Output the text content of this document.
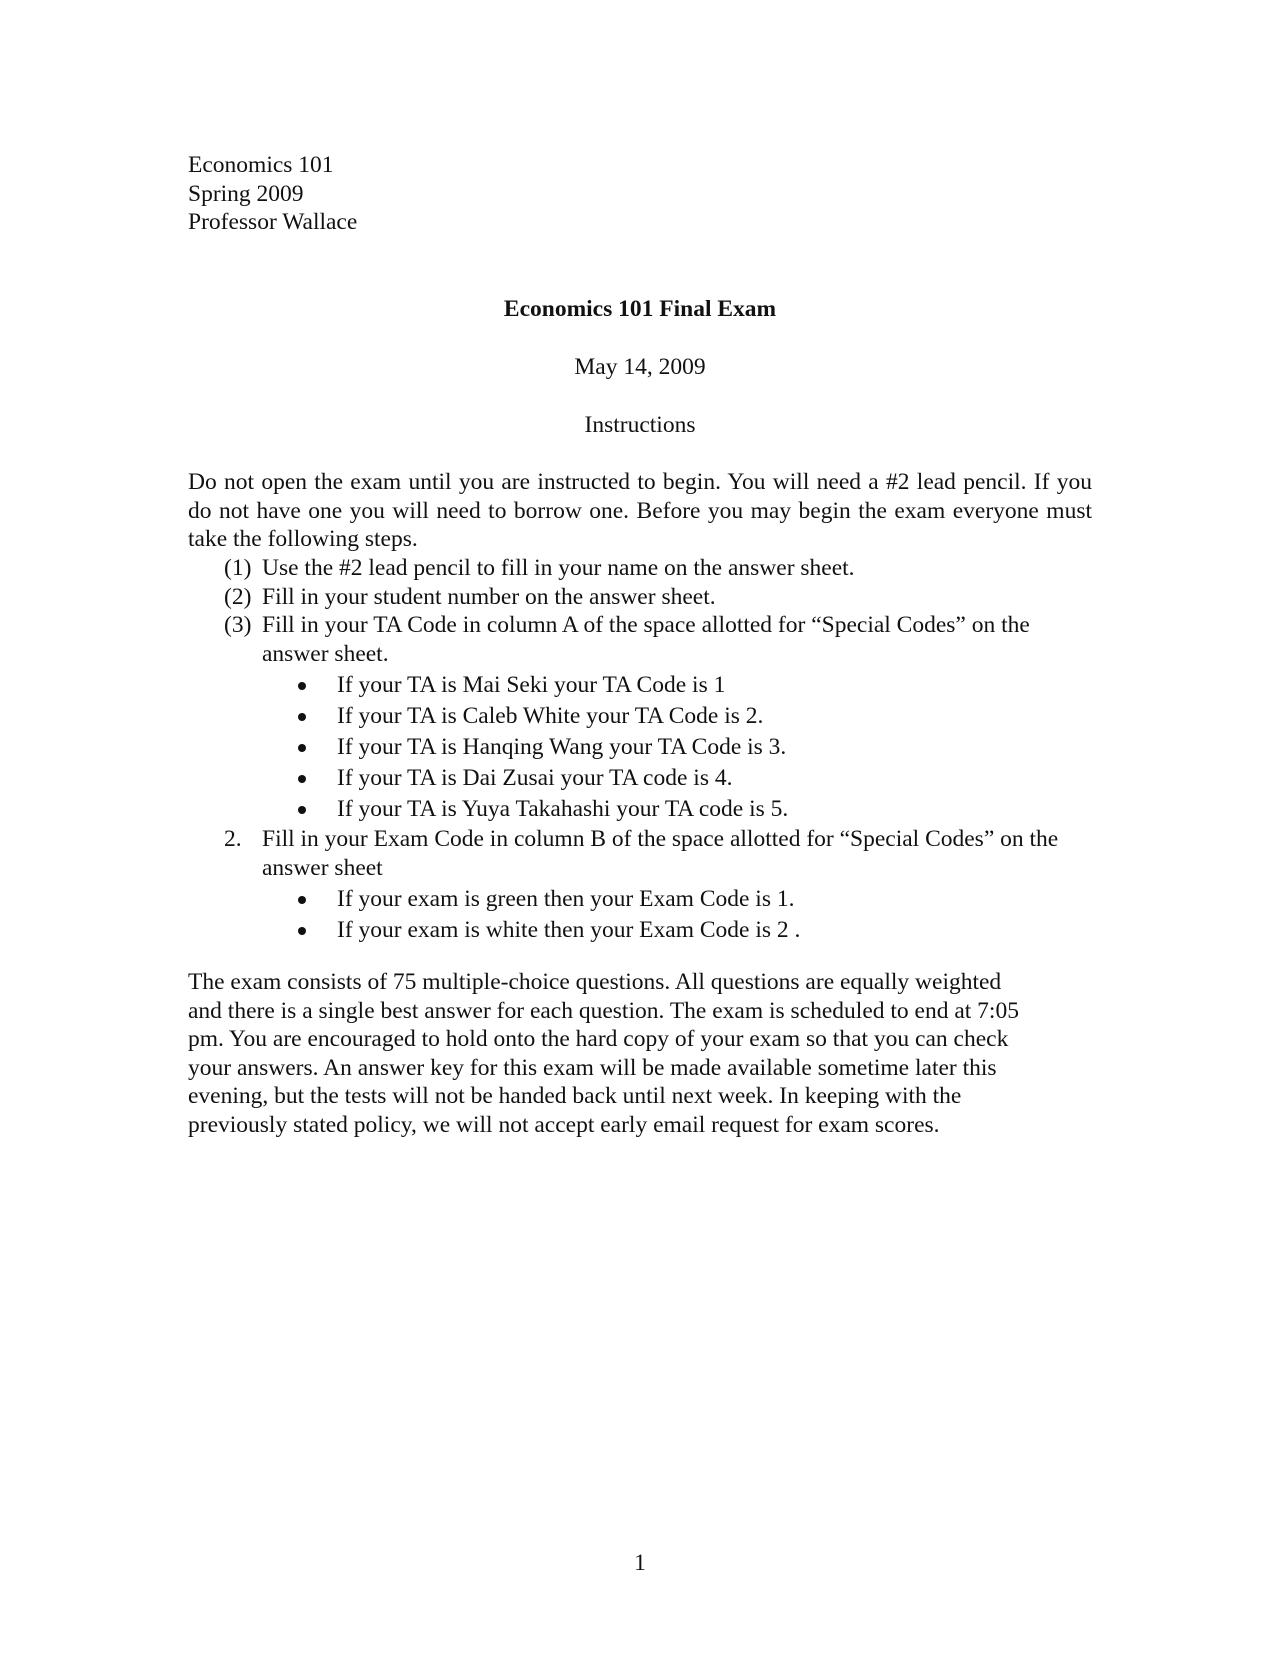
Economics 101
Spring 2009
Professor Wallace
Economics 101 Final Exam
May 14, 2009
Instructions

Do not open the exam until you are instructed to begin. You will need a #2 lead pencil. If you do not have one you will need to borrow one. Before you may begin the exam everyone must take the following steps.

(1) Use the #2 lead pencil to fill in your name on the answer sheet.
(2) Fill in your student number on the answer sheet.
(3) Fill in your TA Code in column A of the space allotted for “Special Codes” on the answer sheet.
If your TA is Mai Seki your TA Code is 1
If your TA is Caleb White your TA Code is 2.
If your TA is Hanqing Wang your TA Code is 3.
If your TA is Dai Zusai your TA code is 4.
If your TA is Yuya Takahashi your TA code is 5.
2. Fill in your Exam Code in column B of the space allotted for “Special Codes” on the answer sheet
If your exam is green then your Exam Code is 1.
If your exam is white then your Exam Code is 2 .
The exam consists of 75 multiple-choice questions. All questions are equally weighted
and there is a single best answer for each question. The exam is scheduled to end at 7:05
pm. You are encouraged to hold onto the hard copy of your exam so that you can check
your answers. An answer key for this exam will be made available sometime later this
evening, but the tests will not be handed back until next week. In keeping with the
previously stated policy, we will not accept early email request for exam scores.
1
